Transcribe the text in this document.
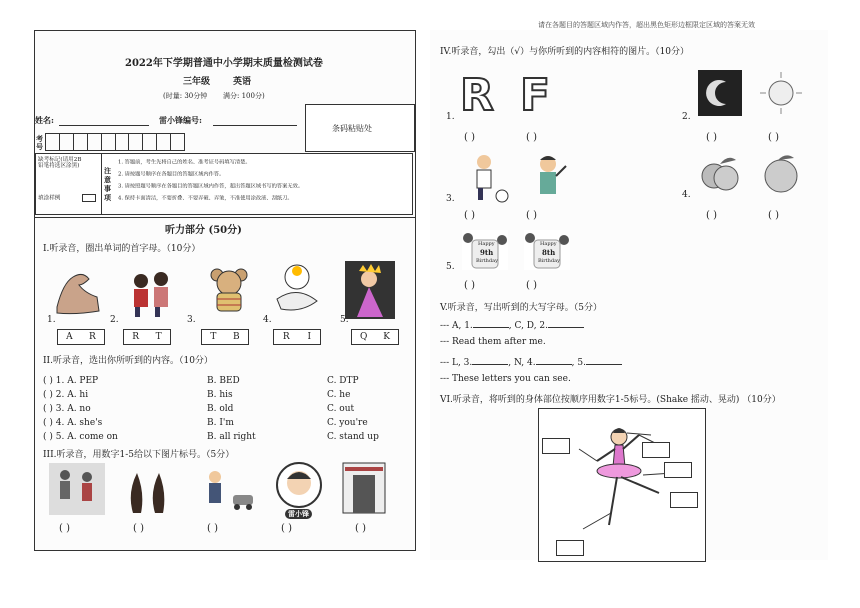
请在各题目的答题区域内作答，超出黑色矩形边框限定区域的答案无效
2022年下学期普通中小学期末质量检测试卷
三年级	英语
(时量: 30分钟 满分: 100分)
姓名:	雷小锋编号:
条码粘贴处
考号
缺考标记(请用2B铅笔将选区涂黑)
填涂样例
注意事项
1. 答题前，考生先将自己的姓名、准考证号码填写清楚。
2. 请按题号顺序在各题目的答题区域内作答。
3. 请按照题号顺序在各题目的答题区域内作答，超出答题区域书写的答案无效。
4. 保持卡面清洁，不要折叠、不要弄破、弄皱，不准使用涂改液、刮纸刀。
听力部分 (50分)
I.听录音，圈出单词的首字母。（10分）
1.	2.	3.	4.	5.
A R	R T	T B	R I	Q K
II.听录音，选出你所听到的内容。（10分）
( ) 1. A. PEP	B. BED	C. DTP
( ) 2. A. hi	B. his	C. he
( ) 3. A. no	B. old	C. out
( ) 4. A. she's	B. I'm	C. you're
( ) 5. A. come on	B. all right	C. stand up
III.听录音，用数字1-5给以下图片标号。（5分）
雷小锋
( )	( )	( )	( )	( )
IV.听录音，勾出（√）与你所听到的内容相符的图片。（10分）
1. R F
( )	( )
2.
( )	( )
3.
( )	( )
4.
( )	( )
5.
Happy
9th
Birthday
Happy
8th
Birthday
( )	( )
V.听录音，写出听到的大写字母。（5分）
--- A, 1.	, C, D, 2.
--- Read them after me.
--- L, 3.	, N, 4.	, 5.
--- These letters you can see.
VI.听录音，将听到的身体部位按顺序用数字1-5标号。(Shake 摇动、晃动) （10分）
